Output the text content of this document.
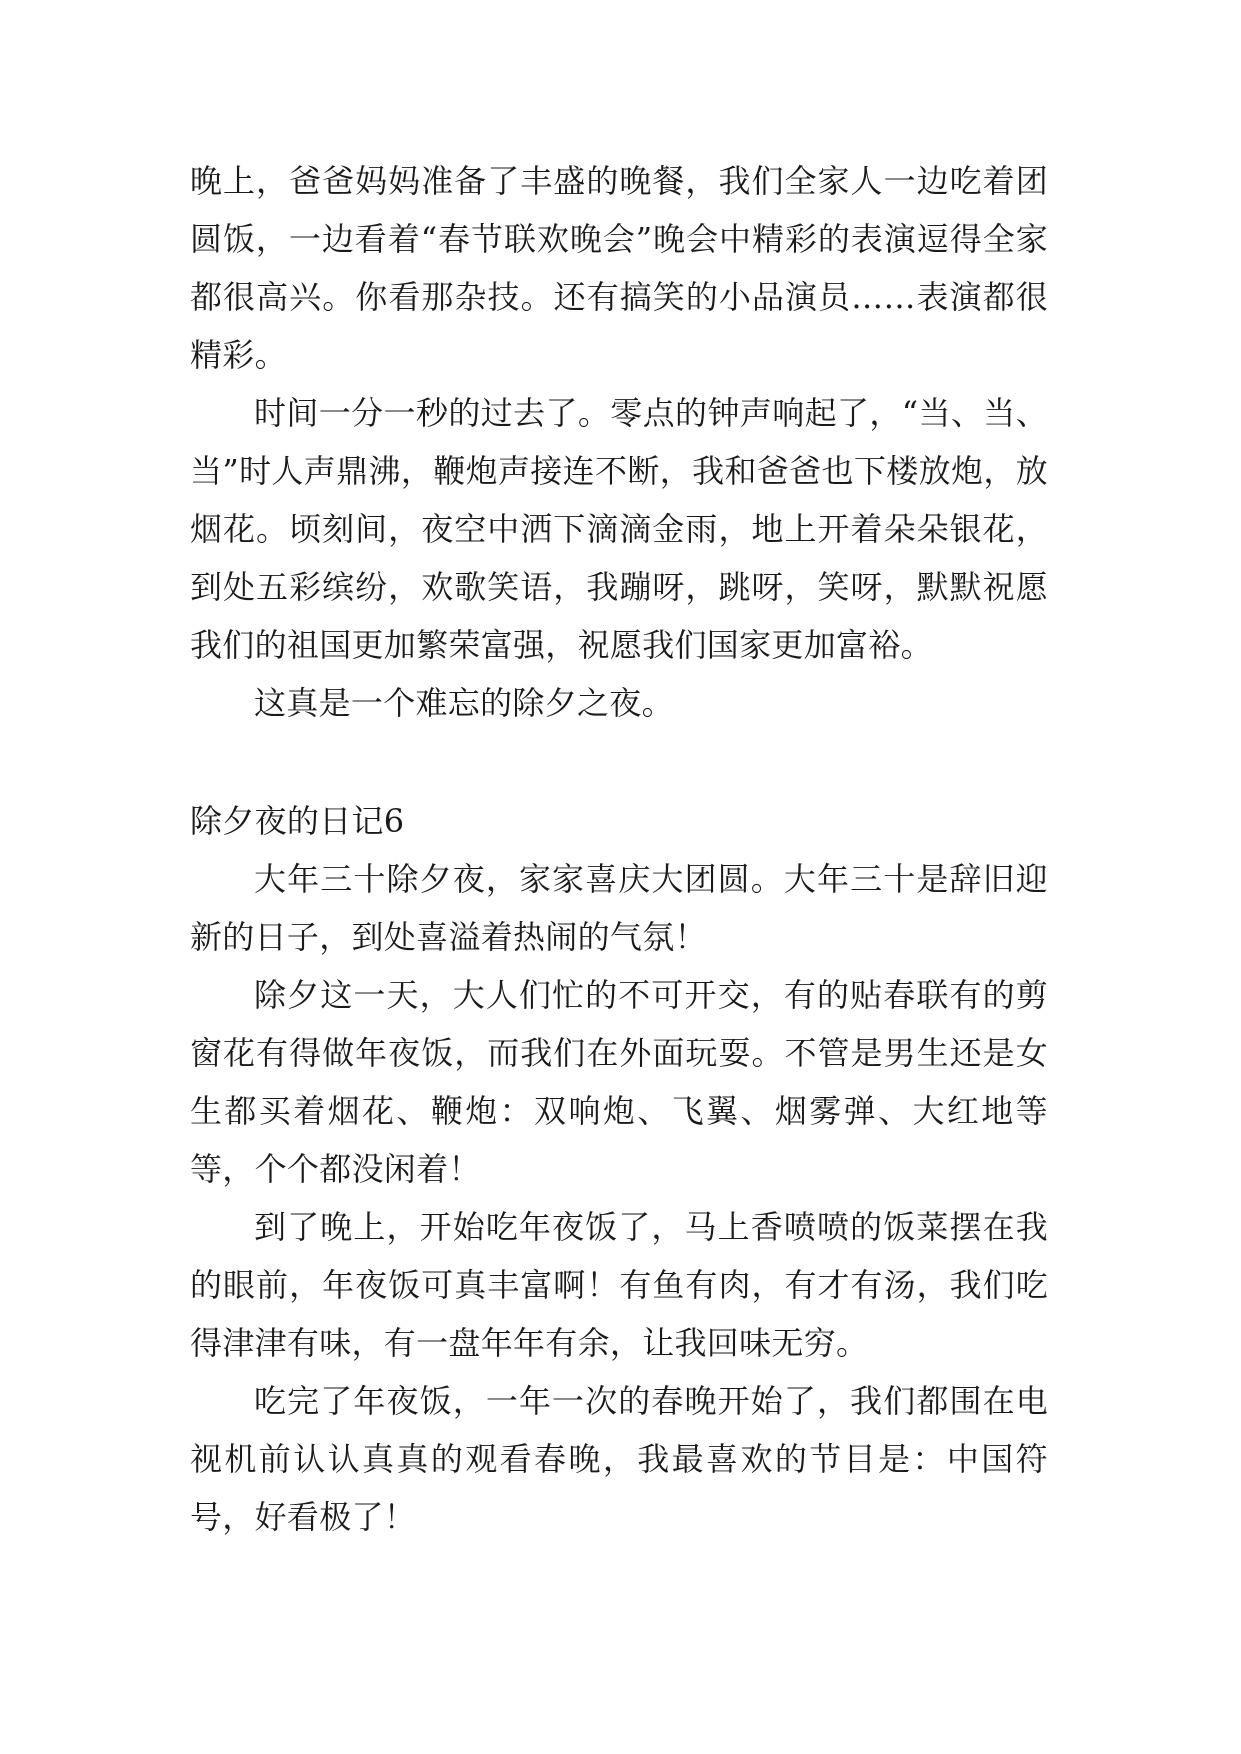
晚上，爸爸妈妈准备了丰盛的晚餐，我们全家人一边吃着团圆饭，一边看着“春节联欢晚会”晚会中精彩的表演逗得全家都很高兴。你看那杂技。还有搞笑的小品演员……表演都很精彩。

时间一分一秒的过去了。零点的钟声响起了，“当、当、当”时人声鼎沸，鞭炮声接连不断，我和爸爸也下楼放炮，放烟花。顷刻间，夜空中洒下滴滴金雨，地上开着朵朵银花，到处五彩缤纷，欢歌笑语，我蹦呀，跳呀，笑呀，默默祝愿我们的祖国更加繁荣富强，祝愿我们国家更加富裕。

这真是一个难忘的除夕之夜。

除夕夜的日记6

大年三十除夕夜，家家喜庆大团圆。大年三十是辞旧迎新的日子，到处喜溢着热闹的气氛！

除夕这一天，大人们忙的不可开交，有的贴春联有的剪窗花有得做年夜饭，而我们在外面玩耍。不管是男生还是女生都买着烟花、鞭炮：双响炮、飞翼、烟雾弹、大红地等等，个个都没闲着！

到了晚上，开始吃年夜饭了，马上香喷喷的饭菜摆在我的眼前，年夜饭可真丰富啊！有鱼有肉，有才有汤，我们吃得津津有味，有一盘年年有余，让我回味无穷。

吃完了年夜饭，一年一次的春晚开始了，我们都围在电视机前认认真真的观看春晚，我最喜欢的节目是：中国符号，好看极了！
